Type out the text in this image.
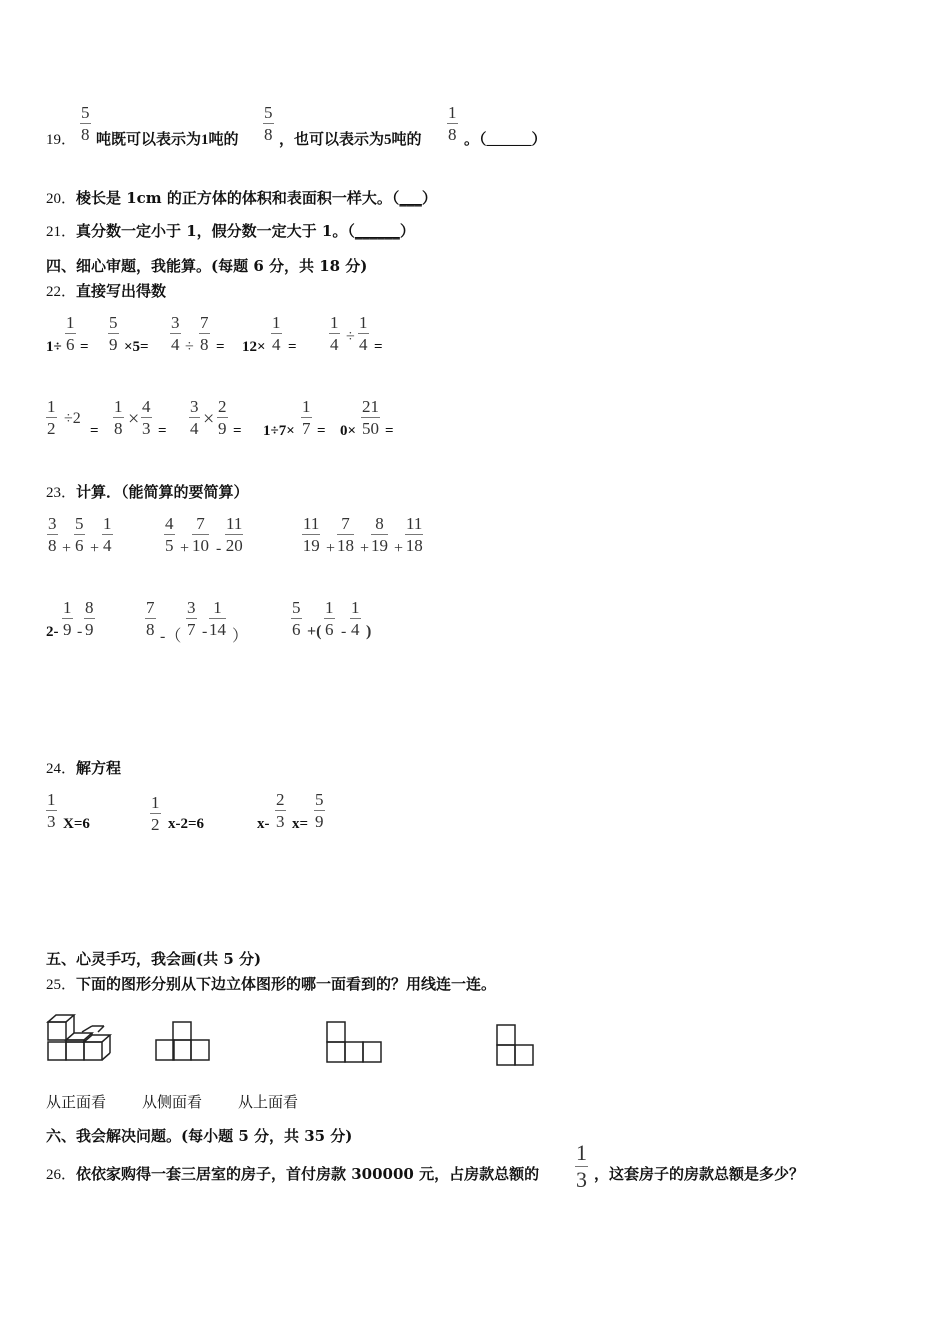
19．
5
8 吨既可以表示为1吨的
5
8 ，也可以表示为5吨的
1
8 。（______）
20．棱长是 1cm 的正方体的体积和表面积一样大。（___）
21．真分数一定小于 1，假分数一定大于 1。（______）
四、细心审题，我能算。(每题 6 分，共 18 分)
22．直接写出得数
1÷
1
6 =
5
9 ×5=
3
4 ÷
7
8 = 12×
1
4 =
1
4 ÷
1
4 =
1
2
÷2
=
1
8 ×
4
3 =
3
4 ×
2
9 = 1÷7×
1
7 = 0×
21
50 =
23．计算．（能简算的要简算）
3
8 +
5
6 +
1
4
4
5 +
7
10 -
11
20
11
19 +
7
18 +
8
19 +
11
18
2-
1
9 -
8
9
7
8 -（
3
7 -
1
14 ）
5
6 +(
1
6 -
1
4 )
24．解方程
1
3 X=6
1
2 x-2=6	x-
2
3 x=
5
9
五、心灵手巧，我会画(共 5 分)
25．下面的图形分别从下边立体图形的哪一面看到的？用线连一连。
从正面看 从侧面看 从上面看
六、我会解决问题。(每小题 5 分，共 35 分)
26．依依家购得一套三居室的房子，首付房款 300000 元，占房款总额的
1
3 ，这套房子的房款总额是多少？
